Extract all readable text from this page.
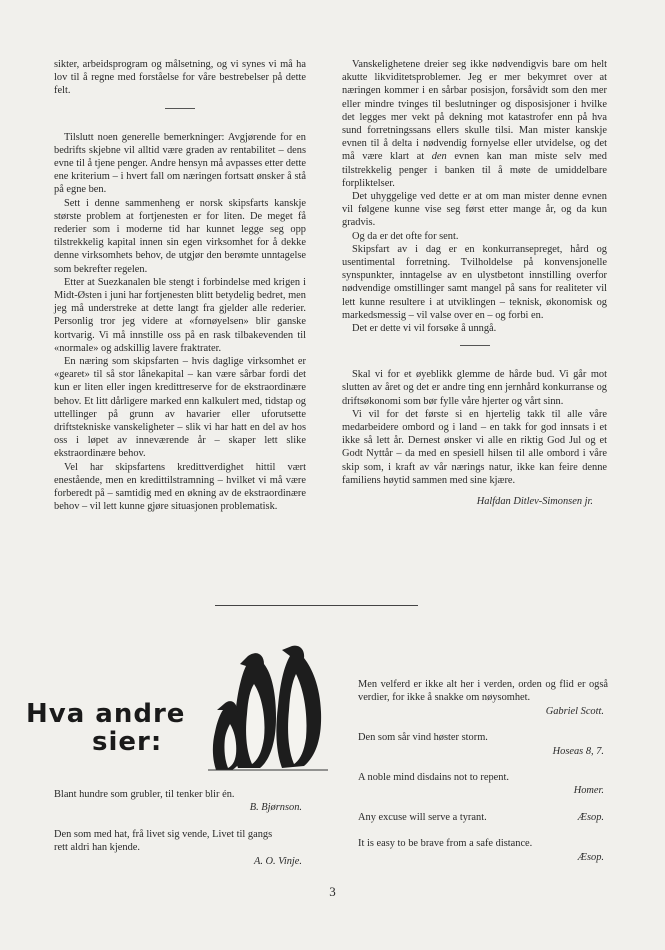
sikter, arbeidsprogram og målsetning, og vi synes vi må ha lov til å regne med forståelse for våre bestrebelser på dette felt.

Tilslutt noen generelle bemerkninger: Avgjørende for en bedrifts skjebne vil alltid være graden av rentabilitet – dens evne til å tjene penger. Andre hensyn må avpasses etter dette ene kriterium – i hvert fall om næringen fortsatt ønsker å stå på egne ben.

Sett i denne sammenheng er norsk skipsfarts kanskje største problem at fortjenesten er for liten. De meget få rederier som i moderne tid har kunnet legge seg opp tilstrekkelig kapital innen sin egen virksomhet for å dekke denne virksomhets behov, de utgjør den berømte unntagelse som bekrefter regelen.

Etter at Suezkanalen ble stengt i forbindelse med krigen i Midt-Østen i juni har fortjenesten blitt betydelig bedret, men jeg må understreke at dette langt fra gjelder alle rederier. Personlig tror jeg videre at «fornøyelsen» blir ganske kortvarig. Vi må innstille oss på en rask tilbakevenden til «normale» og adskillig lavere fraktrater.

En næring som skipsfarten – hvis daglige virksomhet er «gearet» til så stor lånekapital – kan være sårbar fordi det kun er liten eller ingen kredittreserve for de ekstraordinære behov. Et litt dårligere marked enn kalkulert med, tidstap og uttellinger på grunn av havarier eller uforutsette driftstekniske vanskeligheter – slik vi har hatt en del av hos oss i løpet av inneværende år – skaper lett slike ekstraordinære behov.

Vel har skipsfartens kredittverdighet hittil vært enestående, men en kredittilstramning – hvilket vi må være forberedt på – samtidig med en økning av de ekstraordinære behov – vil lett kunne gjøre situasjonen problematisk.

Vanskelighetene dreier seg ikke nødvendigvis bare om helt akutte likviditetsproblemer. Jeg er mer bekymret over at næringen kommer i en sårbar posisjon, forsåvidt som den mer eller mindre tvinges til beslutninger og disposisjoner i hvilke det legges mer vekt på dekning mot katastrofer enn på hva sund forretningssans ellers skulle tilsi. Man mister kanskje evnen til å delta i nødvendig fornyelse eller utvidelse, og det må være klart at den evnen kan man miste selv med tilstrekkelig penger i banken til å møte de umiddelbare forpliktelser.

Det uhyggelige ved dette er at om man mister denne evnen vil følgene kunne vise seg først etter mange år, og da kun gradvis.

Og da er det ofte for sent.

Skipsfart av i dag er en konkurransepreget, hård og usentimental forretning. Tvilholdelse på konvensjonelle synspunkter, inntagelse av en ulystbetont innstilling overfor nødvendige omstillinger samt mangel på sans for realiteter vil lett kunne resultere i at utviklingen – teknisk, økonomisk og markedsmessig – vil valse over en – og forbi en.

Det er dette vi vil forsøke å unngå.

Skal vi for et øyeblikk glemme de hårde bud. Vi går mot slutten av året og det er andre ting enn jernhård konkurranse og driftsøkonomi som bør fylle våre hjerter og vårt sinn.

Vi vil for det første si en hjertelig takk til alle våre medarbeidere ombord og i land – en takk for god innsats i et ikke så lett år. Dernest ønsker vi alle en riktig God Jul og et Godt Nyttår – da med en spesiell hilsen til alle ombord i våre skip som, i kraft av vår nærings natur, ikke kan feire denne familiens høytid sammen med sine kjære.

Halfdan Ditlev-Simonsen jr.
Hva andre
sier:
Blant hundre som grubler, til tenker blir én.
B. Bjørnson.
Den som med hat, frå livet sig vende, Livet til gangs rett aldri han kjende.
A. O. Vinje.
Men velferd er ikke alt her i verden, orden og flid er også verdier, for ikke å snakke om nøysomhet.
Gabriel Scott.
Den som sår vind høster storm.
Hoseas 8, 7.
A noble mind disdains not to repent.
Homer.
Æsop.
Any excuse will serve a tyrant.
It is easy to be brave from a safe distance.
Æsop.
3
